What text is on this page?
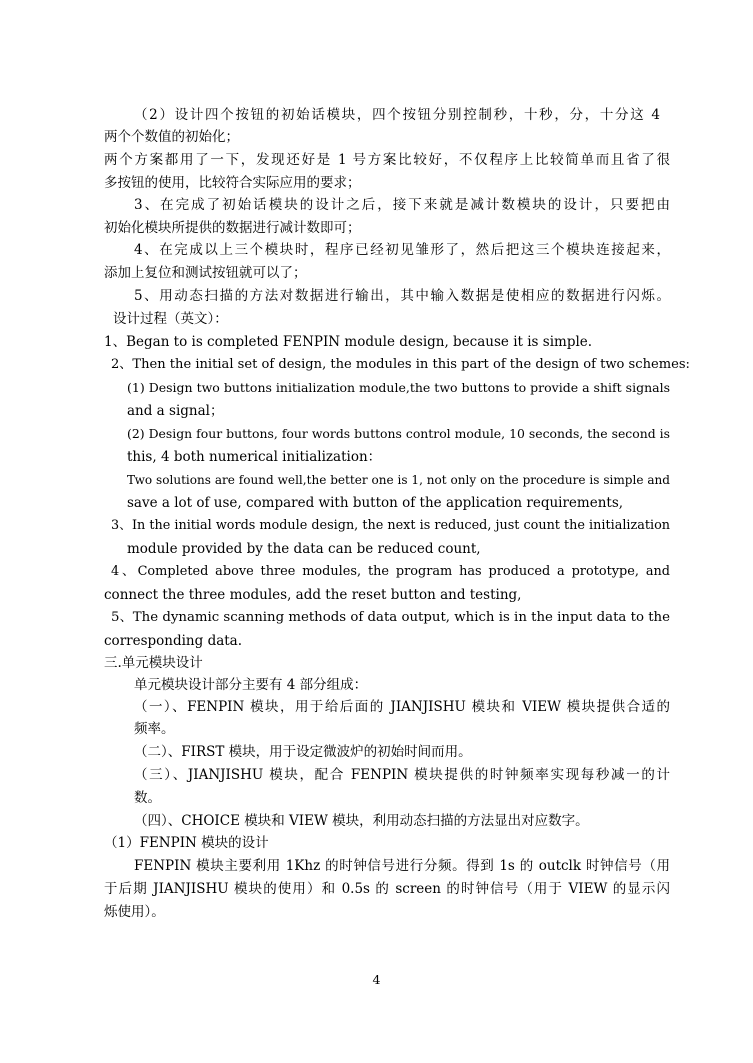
（2）设计四个按钮的初始话模块，四个按钮分别控制秒，十秒，分，十分这 4
两个个数值的初始化；
两个方案都用了一下，发现还好是 1 号方案比较好，不仅程序上比较简单而且省了很
多按钮的使用，比较符合实际应用的要求；
3、在完成了初始话模块的设计之后，接下来就是减计数模块的设计，只要把由
初始化模块所提供的数据进行减计数即可；
4、在完成以上三个模块时，程序已经初见雏形了，然后把这三个模块连接起来，
添加上复位和测试按钮就可以了；
5、用动态扫描的方法对数据进行输出，其中输入数据是使相应的数据进行闪烁。
设计过程（英文）：
1、Began to is completed FENPIN module design, because it is simple.
2、Then the initial set of design, the modules in this part of the design of two schemes:
(1) Design two buttons initialization module,the two buttons to provide a shift signals
and a signal；
(2) Design four buttons, four words buttons control module, 10 seconds, the second is
this, 4 both numerical initialization：
Two solutions are found well,the better one is 1, not only on the procedure is simple and
save a lot of use, compared with button of the application requirements,
3、In the initial words module design, the next is reduced, just count the initialization
module provided by the data can be reduced count,
4、Completed above three modules, the program has produced a prototype, and
connect the three modules, add the reset button and testing,
5、The dynamic scanning methods of data output, which is in the input data to the
corresponding data.
三.单元模块设计
单元模块设计部分主要有 4 部分组成：
（一）、FENPIN 模块，用于给后面的 JIANJISHU 模块和 VIEW 模块提供合适的
频率。
（二）、FIRST 模块，用于设定微波炉的初始时间而用。
（三）、JIANJISHU 模块，配合 FENPIN 模块提供的时钟频率实现每秒减一的计
数。
（四）、CHOICE 模块和 VIEW 模块，利用动态扫描的方法显出对应数字。
（1）FENPIN 模块的设计
FENPIN 模块主要利用 1Khz 的时钟信号进行分频。得到 1s 的 outclk 时钟信号（用
于后期 JIANJISHU 模块的使用）和 0.5s 的 screen 的时钟信号（用于 VIEW 的显示闪
烁使用）。
4
